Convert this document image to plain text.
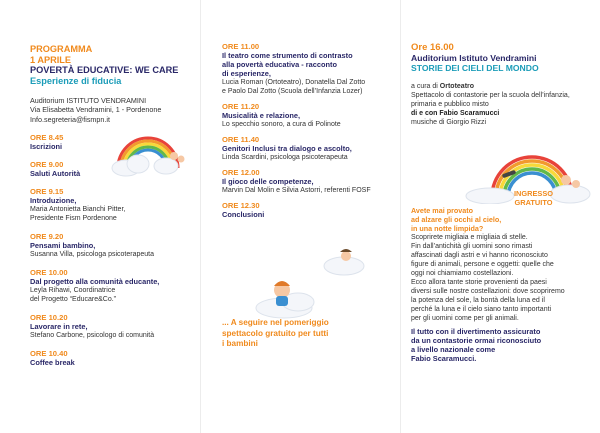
PROGRAMMA
1 APRILE
POVERTÀ EDUCATIVE: WE CARE
Esperienze di fiducia
Auditorium ISTITUTO VENDRAMINI
Via Elisabetta Vendramini, 1 - Pordenone
Info.segreteria@fismpn.it
ORE 8.45
Iscrizioni
ORE 9.00
Saluti Autorità
ORE 9.15
Introduzione,
Maria Antonietta Bianchi Pitter,
Presidente Fism Pordenone
ORE 9.20
Pensami bambino,
Susanna Villa, psicologa psicoterapeuta
ORE 10.00
Dal progetto alla comunità educante,
Leyla Rihawi, Coordinatrice
del Progetto “Educare&Co.”
ORE 10.20
Lavorare in rete,
Stefano Carbone, psicologo di comunità
ORE 10.40
Coffee break
ORE 11.00
Il teatro come strumento di contrasto
alla povertà educativa - racconto
di esperienze,
Lucia Roman (Ortoteatro), Donatella Dal Zotto
e Paolo Dal Zotto (Scuola dell’Infanzia Lozer)
ORE 11.20
Musicalità e relazione,
Lo specchio sonoro, a cura di Polinote
ORE 11.40
Genitori Inclusi tra dialogo e ascolto,
Linda Scardini, psicologa psicoterapeuta
ORE 12.00
Il gioco delle competenze,
Marvin Dal Molin e Silvia Astorri, referenti FOSF
ORE 12.30
Conclusioni
... A seguire nel pomeriggio
spettacolo gratuito per tutti
i bambini
Ore 16.00
Auditorium Istituto Vendramini
STORIE DEI CIELI DEL MONDO
a cura di Ortoteatro
Spettacolo di contastorie per la scuola dell’infanzia,
primaria e pubblico misto
di e con Fabio Scaramucci
musiche di Giorgio Rizzi
Avete mai provato
ad alzare gli occhi al cielo,
in una notte limpida?
Scoprirete migliaia e migliaia di stelle.
Fin dall’antichità gli uomini sono rimasti
affascinati dagli astri e vi hanno riconosciuto
figure di animali, persone e oggetti: quelle che
oggi noi chiamiamo costellazioni.
Ecco allora tante storie provenienti da paesi
diversi sulle nostre costellazioni: dove scopriremo
la potenza del sole, la bontà della luna ed il
perché la luna e il cielo siano tanto importanti
per gli uomini come per gli animali.
Il tutto con il divertimento assicurato
da un contastorie ormai riconosciuto
a livello nazionale come
Fabio Scaramucci.
INGRESSO
GRATUITO
